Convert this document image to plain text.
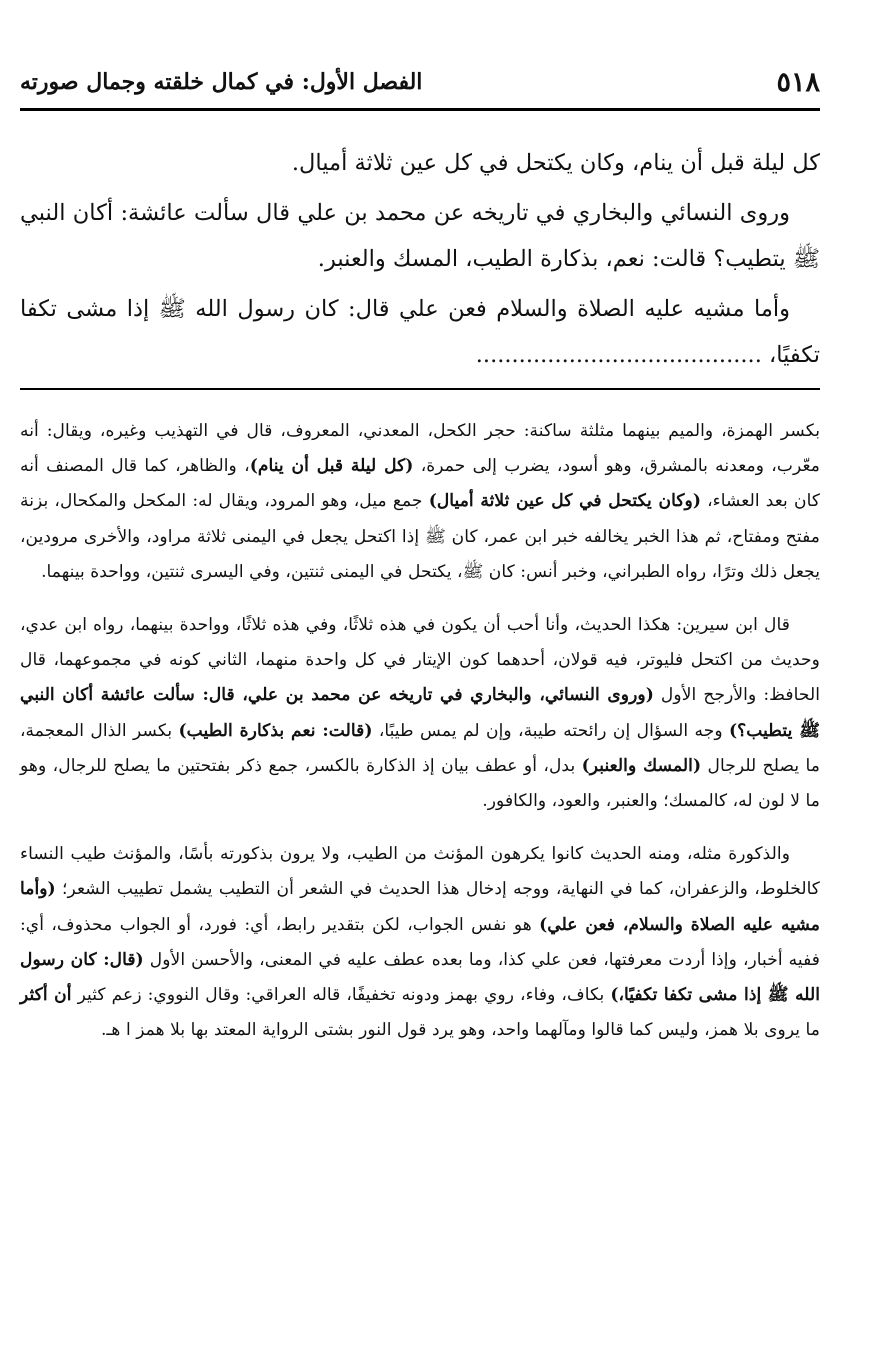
٥١٨
الفصل الأول: في كمال خلقته وجمال صورته

كل ليلة قبل أن ينام، وكان يكتحل في كل عين ثلاثة أميال.

وروى النسائي والبخاري في تاريخه عن محمد بن علي قال سألت عائشة: أكان النبي ﷺ يتطيب؟ قالت: نعم، بذكارة الطيب، المسك والعنبر.

وأما مشيه عليه الصلاة والسلام فعن علي قال: كان رسول الله ﷺ إذا مشى تكفا تكفيًا، ........................................

بكسر الهمزة، والميم بينهما مثلثة ساكنة: حجر الكحل، المعدني، المعروف، قال في التهذيب وغيره، ويقال: أنه معّرب، ومعدنه بالمشرق، وهو أسود، يضرب إلى حمرة، (كل ليلة قبل أن ينام)، والظاهر، كما قال المصنف أنه كان بعد العشاء، (وكان يكتحل في كل عين ثلاثة أميال) جمع ميل، وهو المرود، ويقال له: المكحل والمكحال، بزنة مفتح ومفتاح، ثم هذا الخبر يخالفه خبر ابن عمر، كان ﷺ إذا اكتحل يجعل في اليمنى ثلاثة مراود، والأخرى مرودين، يجعل ذلك وترًا، رواه الطبراني، وخبر أنس: كان ﷺ، يكتحل في اليمنى ثنتين، وفي اليسرى ثنتين، وواحدة بينهما.

قال ابن سيرين: هكذا الحديث، وأنا أحب أن يكون في هذه ثلاثًا، وفي هذه ثلاثًا، وواحدة بينهما، رواه ابن عدي، وحديث من اكتحل فليوتر، فيه قولان، أحدهما كون الإيتار في كل واحدة منهما، الثاني كونه في مجموعهما، قال الحافظ: والأرجح الأول (وروى النسائي، والبخاري في تاريخه عن محمد بن علي، قال: سألت عائشة أكان النبي ﷺ يتطيب؟) وجه السؤال إن رائحته طيبة، وإن لم يمس طيبًا، (قالت: نعم بذكارة الطيب) بكسر الذال المعجمة، ما يصلح للرجال (المسك والعنبر) بدل، أو عطف بيان إذ الذكارة بالكسر، جمع ذكر بفتحتين ما يصلح للرجال، وهو ما لا لون له، كالمسك؛ والعنبر، والعود، والكافور.

والذكورة مثله، ومنه الحديث كانوا يكرهون المؤنث من الطيب، ولا يرون بذكورته بأسًا، والمؤنث طيب النساء كالخلوط، والزعفران، كما في النهاية، ووجه إدخال هذا الحديث في الشعر أن التطيب يشمل تطييب الشعر؛ (وأما مشيه عليه الصلاة والسلام، فعن علي) هو نفس الجواب، لكن بتقدير رابط، أي: فورد، أو الجواب محذوف، أي: ففيه أخبار، وإذا أردت معرفتها، فعن علي كذا، وما بعده عطف عليه في المعنى، والأحسن الأول (قال: كان رسول الله ﷺ إذا مشى تكفا تكفيًا،) بكاف، وفاء، روي بهمز ودونه تخفيفًا، قاله العراقي: وقال النووي: زعم كثير أن أكثر ما يروى بلا همز، وليس كما قالوا ومآلهما واحد، وهو يرد قول النور بشتى الرواية المعتد بها بلا همز ا هـ.
